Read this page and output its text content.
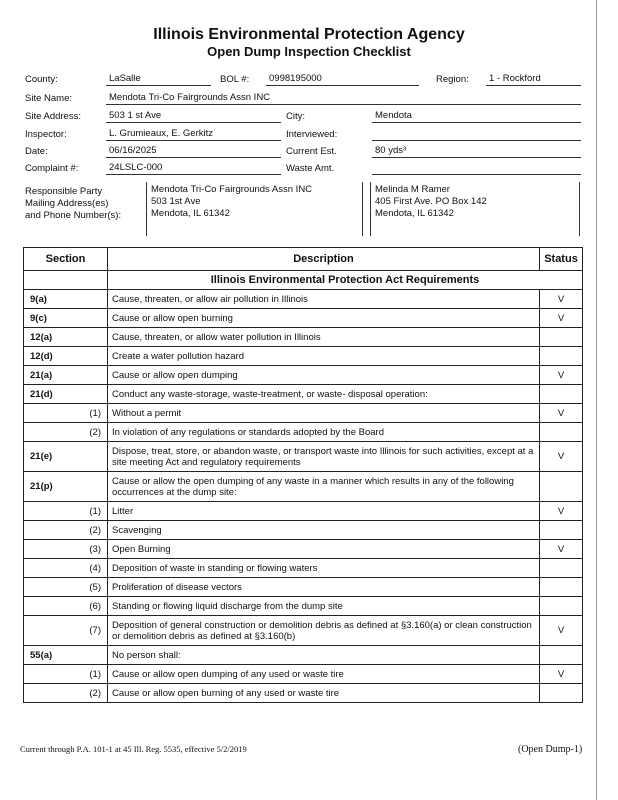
Illinois Environmental Protection Agency
Open Dump Inspection Checklist
County:	LaSalle	BOL #:	0998195000	Region:	1 - Rockford
Site Name:	Mendota Tri-Co Fairgrounds Assn INC
Site Address:	503 1 st Ave	City:	Mendota
Inspector:	L. Grumieaux, E. Gerkitz	Interviewed:
Date:	06/16/2025	Current Est.	80 yds³
Complaint #:	24LSLC-000	Waste Amt.
Responsible Party
Mailing Address(es)
and Phone Number(s):
Mendota Tri-Co Fairgrounds Assn INC
503 1st Ave
Mendota, IL 61342
Melinda M Ramer
405 First Ave. PO Box 142
Mendota, IL 61342
Section	Description	Status
	Illinois Environmental Protection Act Requirements	
9(a)	Cause, threaten, or allow air pollution in Illinois	V
9(c)	Cause or allow open burning	V
12(a)	Cause, threaten, or allow water pollution in Illinois	
12(d)	Create a water pollution hazard	
21(a)	Cause or allow open dumping	V
21(d)	Conduct any waste-storage, waste-treatment, or waste- disposal operation:	
(1)	Without a permit	V
(2)	In violation of any regulations or standards adopted by the Board	
21(e)	Dispose, treat, store, or abandon waste, or transport waste into Illinois for such activities, except at a site meeting Act and regulatory requirements	V
21(p)	Cause or allow the open dumping of any waste in a manner which results in any of the following occurrences at the dump site:	
(1)	Litter	V
(2)	Scavenging	
(3)	Open Burning	V
(4)	Deposition of waste in standing or flowing waters	
(5)	Proliferation of disease vectors	
(6)	Standing or flowing liquid discharge from the dump site	
(7)	Deposition of general construction or demolition debris as defined at §3.160(a) or clean construction or demolition debris as defined at §3.160(b)	V
55(a)	No person shall:	
(1)	Cause or allow open dumping of any used or waste tire	V
(2)	Cause or allow open burning of any used or waste tire	
Current through P.A. 101-1 at 45 Ill. Reg. 5535, effective 5/2/2019	(Open Dump-1)
